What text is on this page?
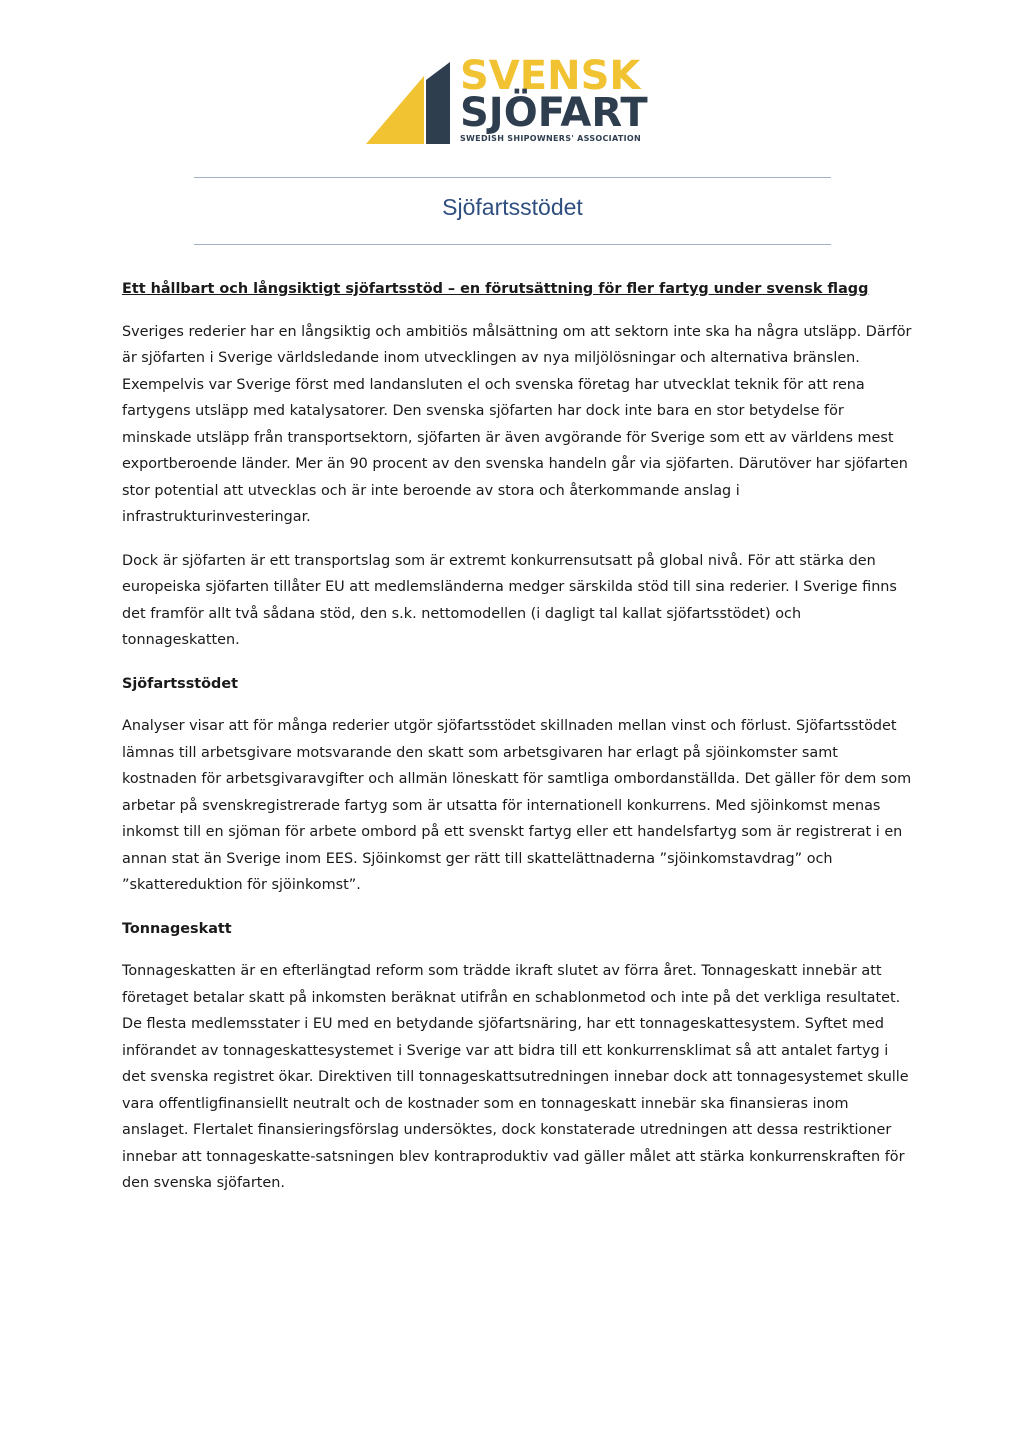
SVENSK
SJÖFART
SWEDISH SHIPOWNERS' ASSOCIATION
Sjöfartsstödet
Ett hållbart och långsiktigt sjöfartsstöd – en förutsättning för fler fartyg under svensk flagg

Sveriges rederier har en långsiktig och ambitiös målsättning om att sektorn inte ska ha några utsläpp. Därför är sjöfarten i Sverige världsledande inom utvecklingen av nya miljölösningar och alternativa bränslen. Exempelvis var Sverige först med landansluten el och svenska företag har utvecklat teknik för att rena fartygens utsläpp med katalysatorer. Den svenska sjöfarten har dock inte bara en stor betydelse för minskade utsläpp från transportsektorn, sjöfarten är även avgörande för Sverige som ett av världens mest exportberoende länder. Mer än 90 procent av den svenska handeln går via sjöfarten. Därutöver har sjöfarten stor potential att utvecklas och är inte beroende av stora och återkommande anslag i infrastrukturinvesteringar.

Dock är sjöfarten är ett transportslag som är extremt konkurrensutsatt på global nivå. För att stärka den europeiska sjöfarten tillåter EU att medlemsländerna medger särskilda stöd till sina rederier. I Sverige finns det framför allt två sådana stöd, den s.k. nettomodellen (i dagligt tal kallat sjöfartsstödet) och tonnageskatten.

Sjöfartsstödet

Analyser visar att för många rederier utgör sjöfartsstödet skillnaden mellan vinst och förlust. Sjöfartsstödet lämnas till arbetsgivare motsvarande den skatt som arbetsgivaren har erlagt på sjöinkomster samt kostnaden för arbetsgivaravgifter och allmän löneskatt för samtliga ombordanställda. Det gäller för dem som arbetar på svenskregistrerade fartyg som är utsatta för internationell konkurrens. Med sjöinkomst menas inkomst till en sjöman för arbete ombord på ett svenskt fartyg eller ett handelsfartyg som är registrerat i en annan stat än Sverige inom EES. Sjöinkomst ger rätt till skattelättnaderna ”sjöinkomstavdrag” och ”skattereduktion för sjöinkomst”.

Tonnageskatt

Tonnageskatten är en efterlängtad reform som trädde ikraft slutet av förra året. Tonnageskatt innebär att företaget betalar skatt på inkomsten beräknat utifrån en schablonmetod och inte på det verkliga resultatet. De flesta medlemsstater i EU med en betydande sjöfartsnäring, har ett tonnageskattesystem. Syftet med införandet av tonnageskattesystemet i Sverige var att bidra till ett konkurrensklimat så att antalet fartyg i det svenska registret ökar. Direktiven till tonnageskattsutredningen innebar dock att tonnagesystemet skulle vara offentligfinansiellt neutralt och de kostnader som en tonnageskatt innebär ska finansieras inom anslaget. Flertalet finansieringsförslag undersöktes, dock konstaterade utredningen att dessa restriktioner innebar att tonnageskatte-satsningen blev kontraproduktiv vad gäller målet att stärka konkurrenskraften för den svenska sjöfarten.
